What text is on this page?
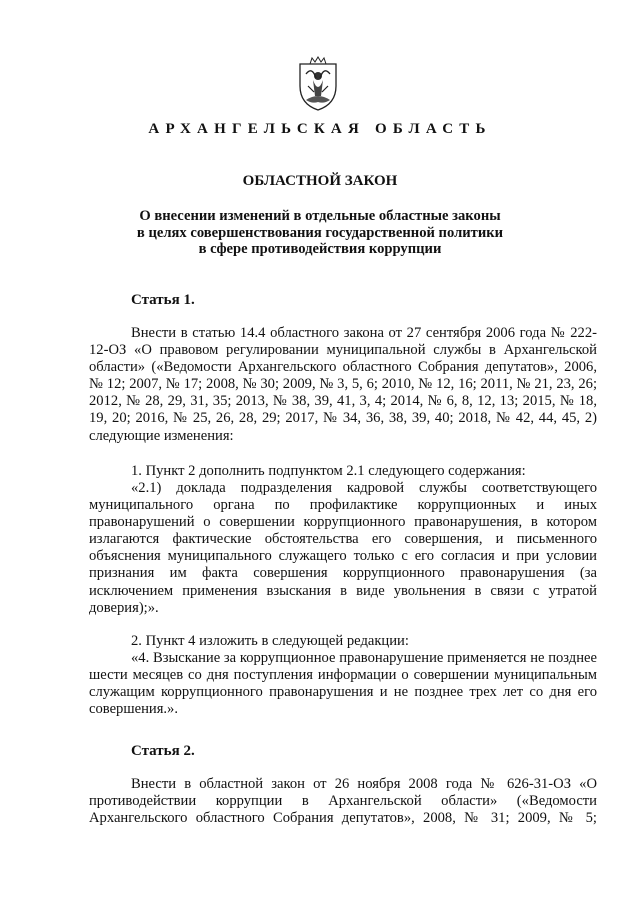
АРХАНГЕЛЬСКАЯ ОБЛАСТЬ
ОБЛАСТНОЙ ЗАКОН
О внесении изменений в отдельные областные законы
в целях совершенствования государственной политики
в сфере противодействия коррупции
Статья 1.
Внести в статью 14.4 областного закона от 27 сентября 2006 года № 222-12-ОЗ «О правовом регулировании муниципальной службы в Архангельской области» («Ведомости Архангельского областного Собрания депутатов», 2006, № 12; 2007, № 17; 2008, № 30; 2009, № 3, 5, 6; 2010, № 12, 16; 2011, № 21, 23, 26; 2012, № 28, 29, 31, 35; 2013, № 38, 39, 41, 3, 4; 2014, № 6, 8, 12, 13; 2015, № 18, 19, 20; 2016, № 25, 26, 28, 29; 2017, № 34, 36, 38, 39, 40; 2018, № 42, 44, 45, 2) следующие изменения:
1. Пункт 2 дополнить подпунктом 2.1 следующего содержания:
«2.1) доклада подразделения кадровой службы соответствующего муниципального органа по профилактике коррупционных и иных правонарушений о совершении коррупционного правонарушения, в котором излагаются фактические обстоятельства его совершения, и письменного объяснения муниципального служащего только с его согласия и при условии признания им факта совершения коррупционного правонарушения (за исключением применения взыскания в виде увольнения в связи с утратой доверия);».
2. Пункт 4 изложить в следующей редакции:
«4. Взыскание за коррупционное правонарушение применяется не позднее шести месяцев со дня поступления информации о совершении муниципальным служащим коррупционного правонарушения и не позднее трех лет со дня его совершения.».
Статья 2.
Внести в областной закон от 26 ноября 2008 года № 626-31-ОЗ «О противодействии коррупции в Архангельской области» («Ведомости Архангельского областного Собрания депутатов», 2008, № 31; 2009, № 5;
